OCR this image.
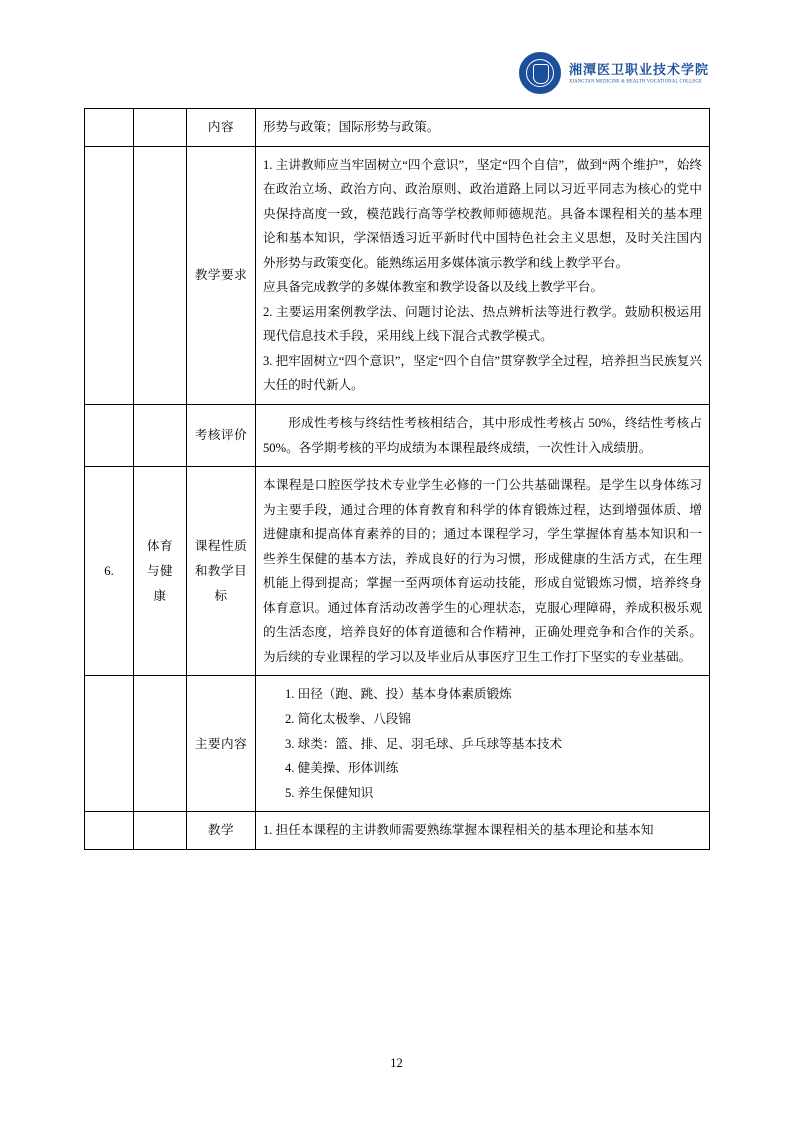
湘潭医卫职业技术学院
XIANGTAN MEDICINE & HEALTH VOCATIONAL COLLEGE
		内容	形势与政策；国际形势与政策。

		教学要求	1. 主讲教师应当牢固树立“四个意识”，坚定“四个自信”，做到“两个维护”，始终在政治立场、政治方向、政治原则、政治道路上同以习近平同志为核心的党中央保持高度一致，模范践行高等学校教师师德规范。具备本课程相关的基本理论和基本知识，学深悟透习近平新时代中国特色社会主义思想，及时关注国内外形势与政策变化。能熟练运用多媒体演示教学和线上教学平台。

应具备完成教学的多媒体教室和教学设备以及线上教学平台。

2. 主要运用案例教学法、问题讨论法、热点辨析法等进行教学。鼓励积极运用现代信息技术手段，采用线上线下混合式教学模式。

3. 把牢固树立“四个意识”，坚定“四个自信”贯穿教学全过程，培养担当民族复兴大任的时代新人。

		考核评价	形成性考核与终结性考核相结合，其中形成性考核占 50%，终结性考核占 50%。各学期考核的平均成绩为本课程最终成绩，一次性计入成绩册。

6.	体育与健康	课程性质和教学目标	本课程是口腔医学技术专业学生必修的一门公共基础课程。是学生以身体练习为主要手段，通过合理的体育教育和科学的体育锻炼过程，达到增强体质、增进健康和提高体育素养的目的；通过本课程学习，学生掌握体育基本知识和一些养生保健的基本方法，养成良好的行为习惯，形成健康的生活方式，在生理机能上得到提高；掌握一至两项体育运动技能，形成自觉锻炼习惯，培养终身体育意识。通过体育活动改善学生的心理状态，克服心理障碍，养成积极乐观的生活态度，培养良好的体育道德和合作精神，正确处理竞争和合作的关系。为后续的专业课程的学习以及毕业后从事医疗卫生工作打下坚实的专业基础。

		主要内容	1. 田径（跑、跳、投）基本身体素质锻炼

2. 简化太极拳、八段锦

3. 球类：篮、排、足、羽毛球、乒乓球等基本技术

4. 健美操、形体训练

5. 养生保健知识

		教学	1. 担任本课程的主讲教师需要熟练掌握本课程相关的基本理论和基本知

12
